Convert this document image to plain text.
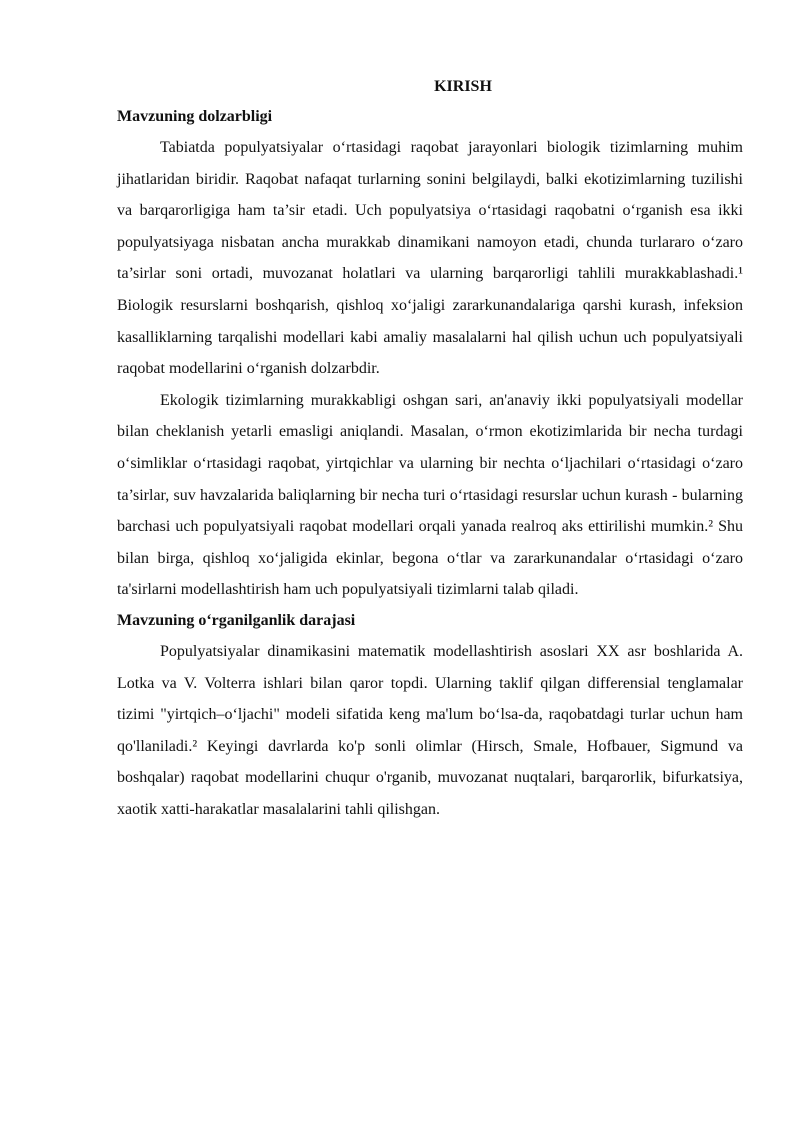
KIRISH

Mavzuning dolzarbligi

Tabiatda populyatsiyalar o‘rtasidagi raqobat jarayonlari biologik tizimlarning muhim jihatlaridan biridir. Raqobat nafaqat turlarning sonini belgilaydi, balki ekotizimlarning tuzilishi va barqarorligiga ham ta’sir etadi. Uch populyatsiya o‘rtasidagi raqobatni o‘rganish esa ikki populyatsiyaga nisbatan ancha murakkab dinamikani namoyon etadi, chunda turlararo o‘zaro ta’sirlar soni ortadi, muvozanat holatlari va ularning barqarorligi tahlili murakkablashadi.¹ Biologik resurslarni boshqarish, qishloq xo‘jaligi zararkunandalariga qarshi kurash, infeksion kasalliklarning tarqalishi modellari kabi amaliy masalalarni hal qilish uchun uch populyatsiyali raqobat modellarini o‘rganish dolzarbdir.

Ekologik tizimlarning murakkabligi oshgan sari, an'anaviy ikki populyatsiyali modellar bilan cheklanish yetarli emasligi aniqlandi. Masalan, o‘rmon ekotizimlarida bir necha turdagi o‘simliklar o‘rtasidagi raqobat, yirtqichlar va ularning bir nechta o‘ljachilari o‘rtasidagi o‘zaro ta’sirlar, suv havzalarida baliqlarning bir necha turi o‘rtasidagi resurslar uchun kurash - bularning barchasi uch populyatsiyali raqobat modellari orqali yanada realroq aks ettirilishi mumkin.² Shu bilan birga, qishloq xo‘jaligida ekinlar, begona o‘tlar va zararkunandalar o‘rtasidagi o‘zaro ta'sirlarni modellashtirish ham uch populyatsiyali tizimlarni talab qiladi.

Mavzuning o‘rganilganlik darajasi

Populyatsiyalar dinamikasini matematik modellashtirish asoslari XX asr boshlarida A. Lotka va V. Volterra ishlari bilan qaror topdi. Ularning taklif qilgan differensial tenglamalar tizimi "yirtqich–o‘ljachi" modeli sifatida keng ma'lum bo‘lsa-da, raqobatdagi turlar uchun ham qo'llaniladi.² Keyingi davrlarda ko'p sonli olimlar (Hirsch, Smale, Hofbauer, Sigmund va boshqalar) raqobat modellarini chuqur o'rganib, muvozanat nuqtalari, barqarorlik, bifurkatsiya, xaotik xatti-harakatlar masalalarini tahli qilishgan.
